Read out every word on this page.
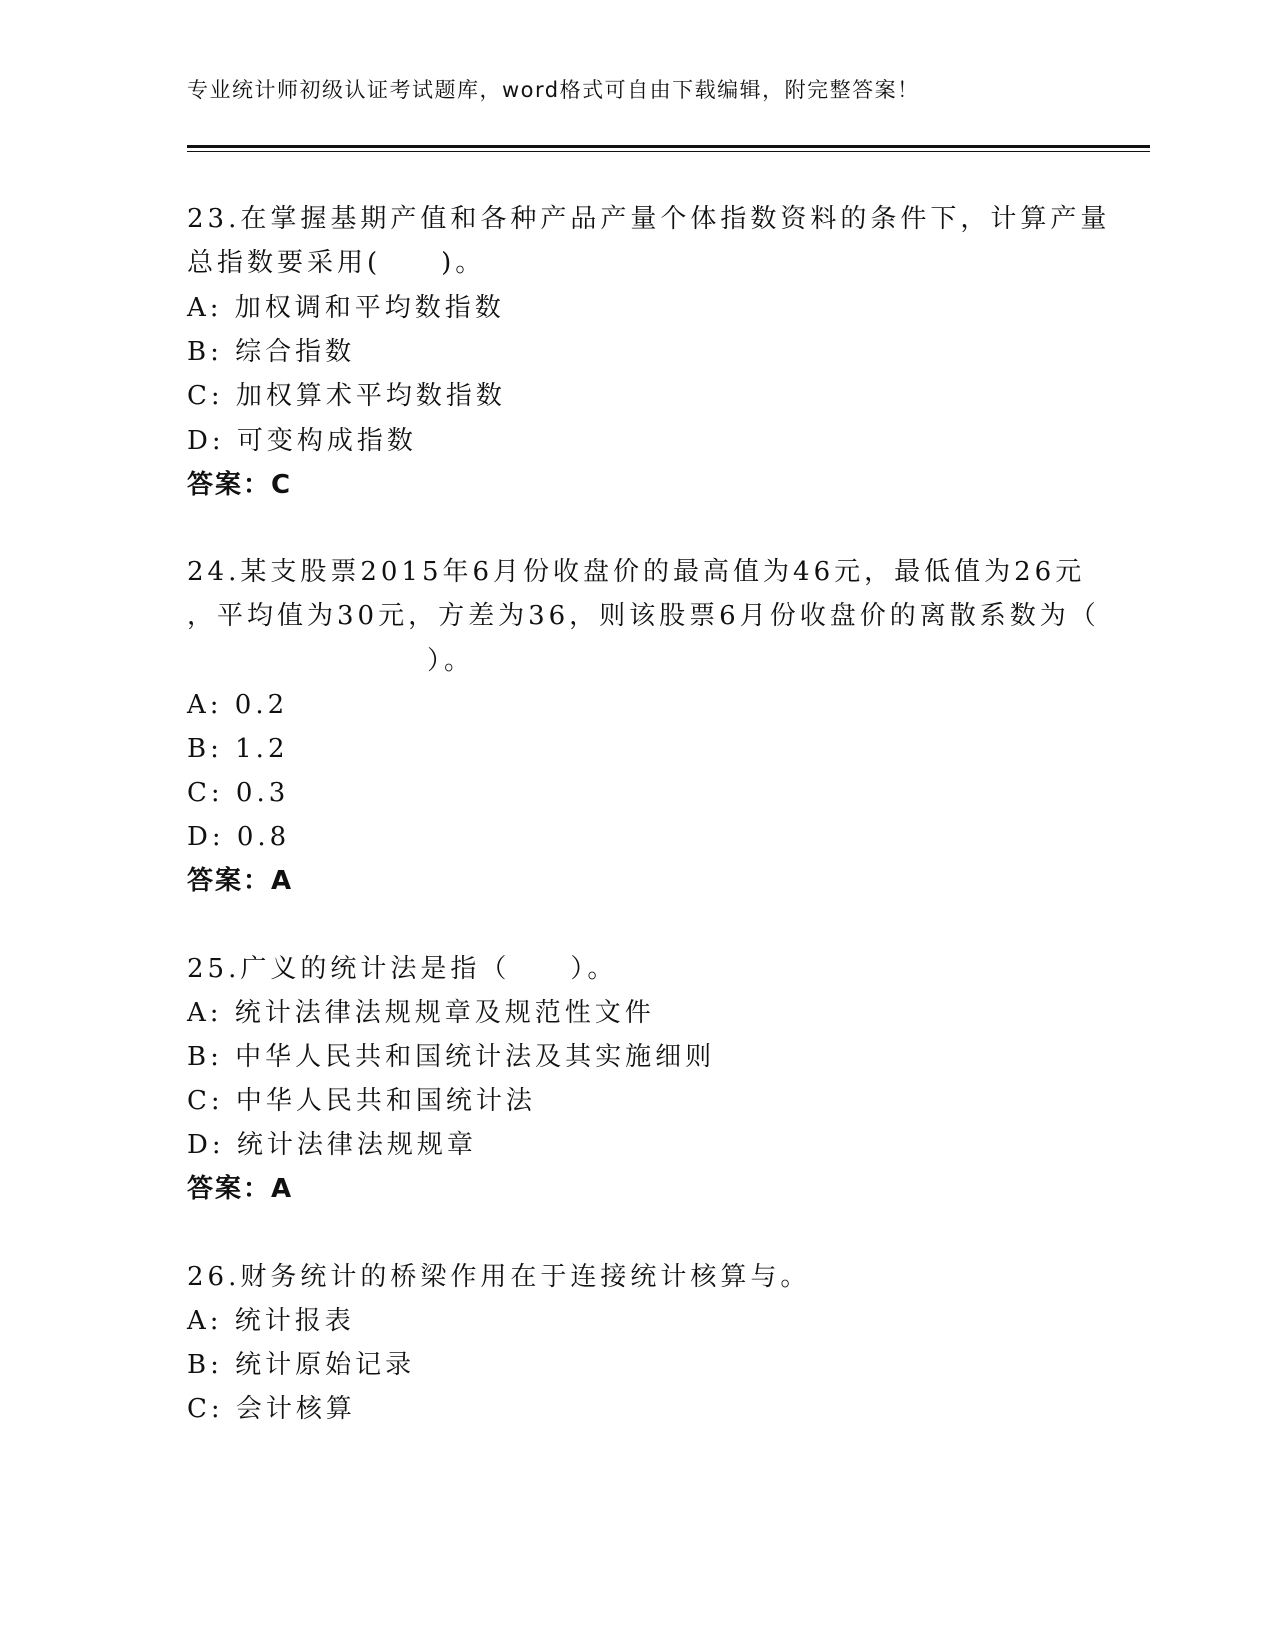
专业统计师初级认证考试题库，word格式可自由下载编辑，附完整答案！
23.在掌握基期产值和各种产品产量个体指数资料的条件下，计算产量
总指数要采用(　　)。
A: 加权调和平均数指数
B: 综合指数
C: 加权算术平均数指数
D: 可变构成指数
答案：C
24.某支股票2015年6月份收盘价的最高值为46元，最低值为26元
，平均值为30元，方差为36，则该股票6月份收盘价的离散系数为（
　　　　　　　　）。
A: 0.2
B: 1.2
C: 0.3
D: 0.8
答案：A
25.广义的统计法是指（　　）。
A: 统计法律法规规章及规范性文件
B: 中华人民共和国统计法及其实施细则
C: 中华人民共和国统计法
D: 统计法律法规规章
答案：A
26.财务统计的桥梁作用在于连接统计核算与。
A: 统计报表
B: 统计原始记录
C: 会计核算
